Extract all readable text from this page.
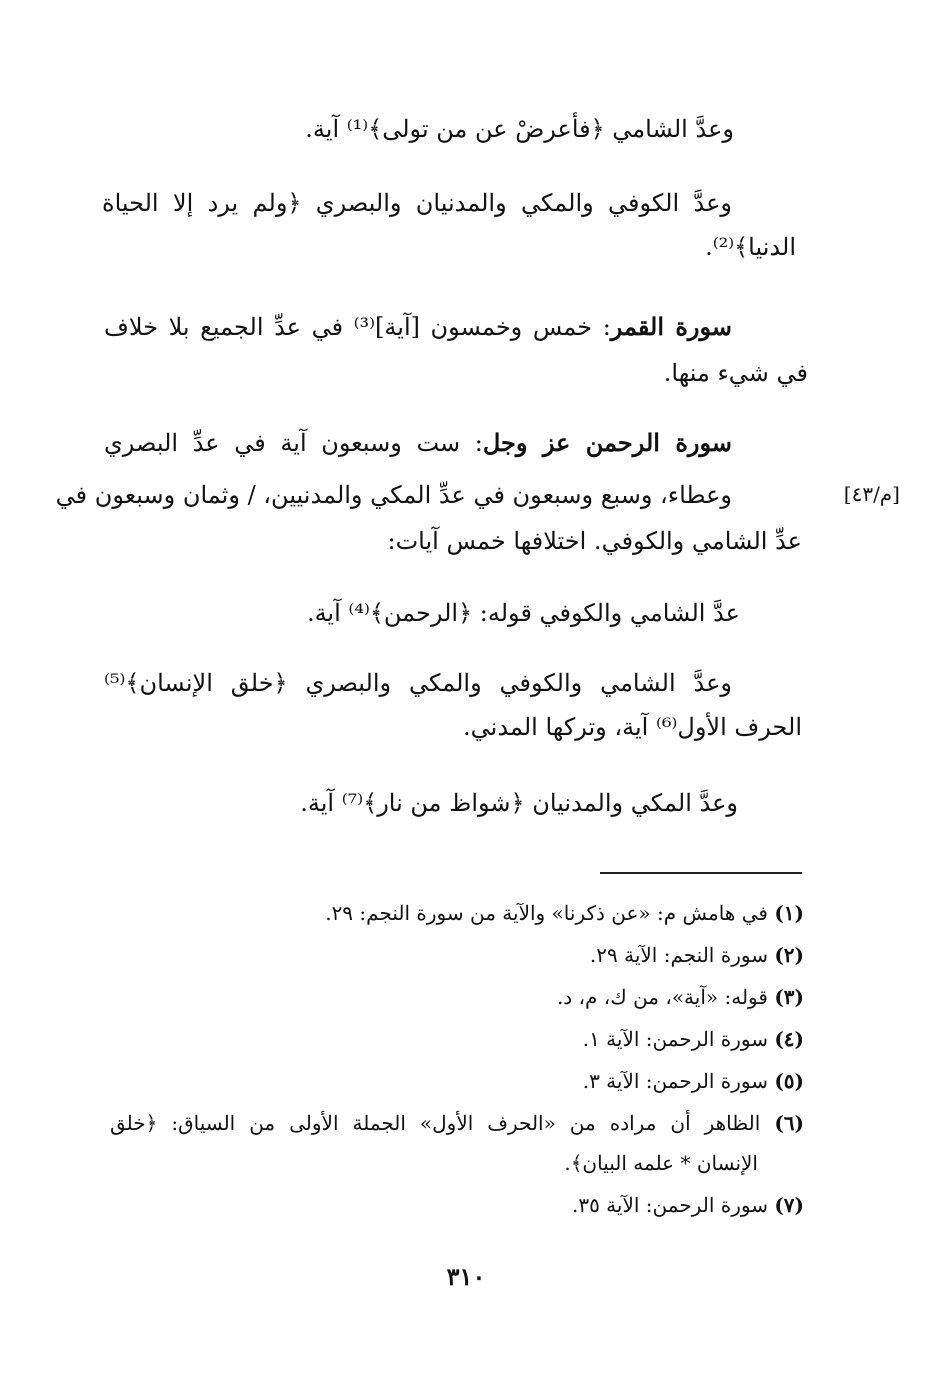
وعدَّ الشامي ﴿فأعرضْ عن من تولى﴾⁽¹⁾ آية.
وعدَّ الكوفي والمكي والمدنيان والبصري ﴿ولم يرد إلا الحياة
الدنيا﴾⁽²⁾.
سورة القمر: خمس وخمسون [آية]⁽³⁾ في عدِّ الجميع بلا خلاف
في شيء منها.
سورة الرحمن عز وجل: ست وسبعون آية في عدِّ البصري
وعطاء، وسبع وسبعون في عدِّ المكي والمدنيين، / وثمان وسبعون في	[م/٤٣]
عدِّ الشامي والكوفي. اختلافها خمس آيات:
عدَّ الشامي والكوفي قوله: ﴿الرحمن﴾⁽⁴⁾ آية.
وعدَّ الشامي والكوفي والمكي والبصري ﴿خلق الإنسان﴾⁽⁵⁾
الحرف الأول⁽⁶⁾ آية، وتركها المدني.
وعدَّ المكي والمدنيان ﴿شواظ من نار﴾⁽⁷⁾ آية.
(١) في هامش م: «عن ذكرنا» والآية من سورة النجم: ٢٩.
(٢) سورة النجم: الآية ٢٩.
(٣) قوله: «آية»، من ك، م، د.
(٤) سورة الرحمن: الآية ١.
(٥) سورة الرحمن: الآية ٣.
(٦) الظاهر أن مراده من «الحرف الأول» الجملة الأولى من السياق: ﴿خلق
الإنسان * علمه البيان﴾.
(٧) سورة الرحمن: الآية ٣٥.
٣١٠
